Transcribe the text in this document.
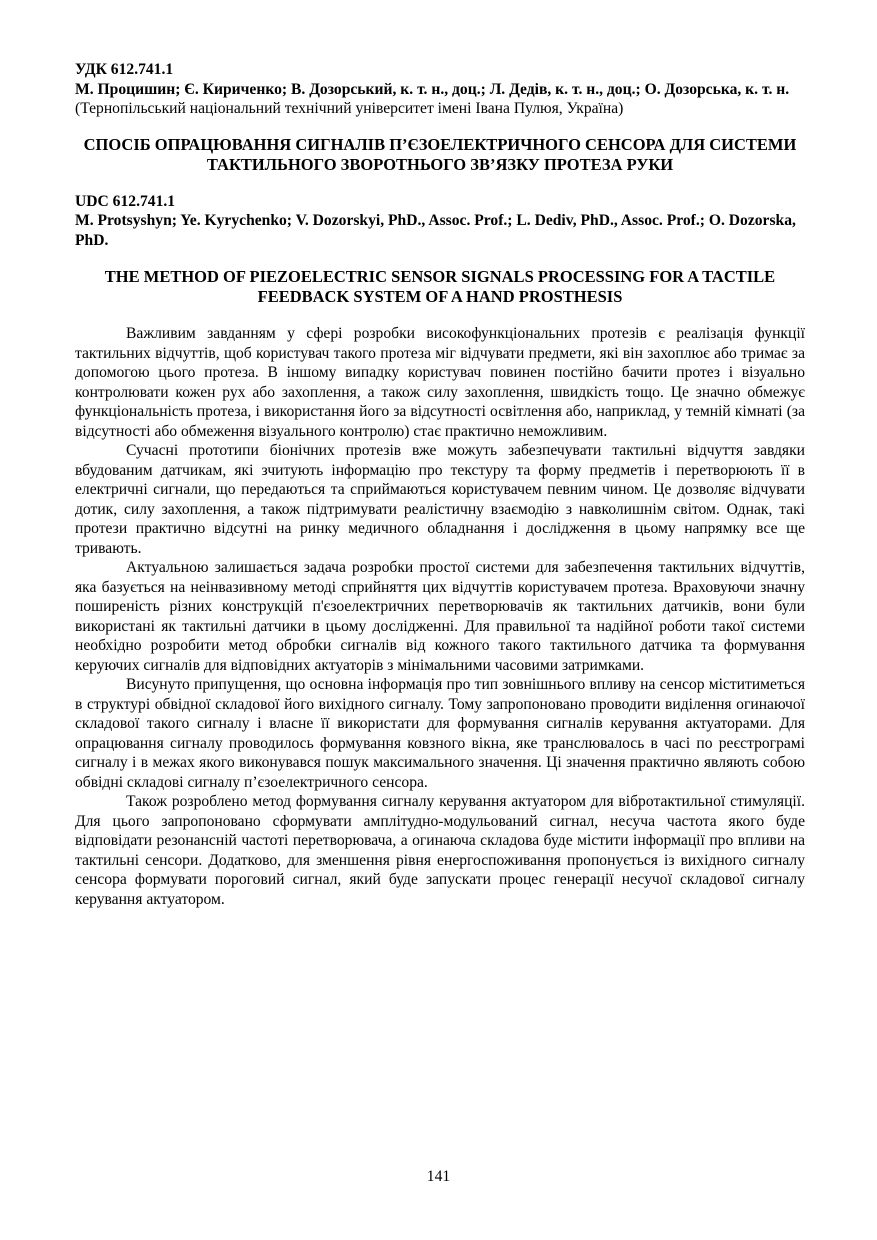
УДК 612.741.1

М. Процишин; Є. Кириченко; В. Дозорський, к. т. н., доц.; Л. Дедів, к. т. н., доц.; О. Дозорська, к. т. н.

(Тернопільський національний технічний університет імені Івана Пулюя, Україна)

СПОСІБ ОПРАЦЮВАННЯ СИГНАЛІВ П’ЄЗОЕЛЕКТРИЧНОГО СЕНСОРА ДЛЯ СИСТЕМИ ТАКТИЛЬНОГО ЗВОРОТНЬОГО ЗВ’ЯЗКУ ПРОТЕЗА РУКИ

UDC 612.741.1

M. Protsyshyn; Ye. Kyrychenko; V. Dozorskyi, PhD., Assoc. Prof.; L. Dediv, PhD., Assoc. Prof.; O. Dozorska, PhD.

THE METHOD OF PIEZOELECTRIC SENSOR SIGNALS PROCESSING FOR A TACTILE FEEDBACK SYSTEM OF A HAND PROSTHESIS

Важливим завданням у сфері розробки високофункціональних протезів є реалізація функції тактильних відчуттів, щоб користувач такого протеза міг відчувати предмети, які він захоплює або тримає за допомогою цього протеза. В іншому випадку користувач повинен постійно бачити протез і візуально контролювати кожен рух або захоплення, а також силу захоплення, швидкість тощо. Це значно обмежує функціональність протеза, і використання його за відсутності освітлення або, наприклад, у темній кімнаті (за відсутності або обмеження візуального контролю) стає практично неможливим.

Сучасні прототипи біонічних протезів вже можуть забезпечувати тактильні відчуття завдяки вбудованим датчикам, які зчитують інформацію про текстуру та форму предметів і перетворюють її в електричні сигнали, що передаються та сприймаються користувачем певним чином. Це дозволяє відчувати дотик, силу захоплення, а також підтримувати реалістичну взаємодію з навколишнім світом. Однак, такі протези практично відсутні на ринку медичного обладнання і дослідження в цьому напрямку все ще тривають.

Актуальною залишається задача розробки простої системи для забезпечення тактильних відчуттів, яка базується на неінвазивному методі сприйняття цих відчуттів користувачем протеза. Враховуючи значну поширеність різних конструкцій п'єзоелектричних перетворювачів як тактильних датчиків, вони були використані як тактильні датчики в цьому дослідженні. Для правильної та надійної роботи такої системи необхідно розробити метод обробки сигналів від кожного такого тактильного датчика та формування керуючих сигналів для відповідних актуаторів з мінімальними часовими затримками.

Висунуто припущення, що основна інформація про тип зовнішнього впливу на сенсор міститиметься в структурі обвідної складової його вихідного сигналу. Тому запропоновано проводити виділення огинаючої складової такого сигналу і власне її використати для формування сигналів керування актуаторами. Для опрацювання сигналу проводилось формування ковзного вікна, яке транслювалось в часі по реєстрограмі сигналу і в межах якого виконувався пошук максимального значення. Ці значення практично являють собою обвідні складові сигналу п’єзоелектричного сенсора.

Також розроблено метод формування сигналу керування актуатором для вібротактильної стимуляції. Для цього запропоновано сформувати амплітудно-модульований сигнал, несуча частота якого буде відповідати резонансній частоті перетворювача, а огинаюча складова буде містити інформації про впливи на тактильні сенсори. Додатково, для зменшення рівня енергоспоживання пропонується із вихідного сигналу сенсора формувати пороговий сигнал, який буде запускати процес генерації несучої складової сигналу керування актуатором.

141
